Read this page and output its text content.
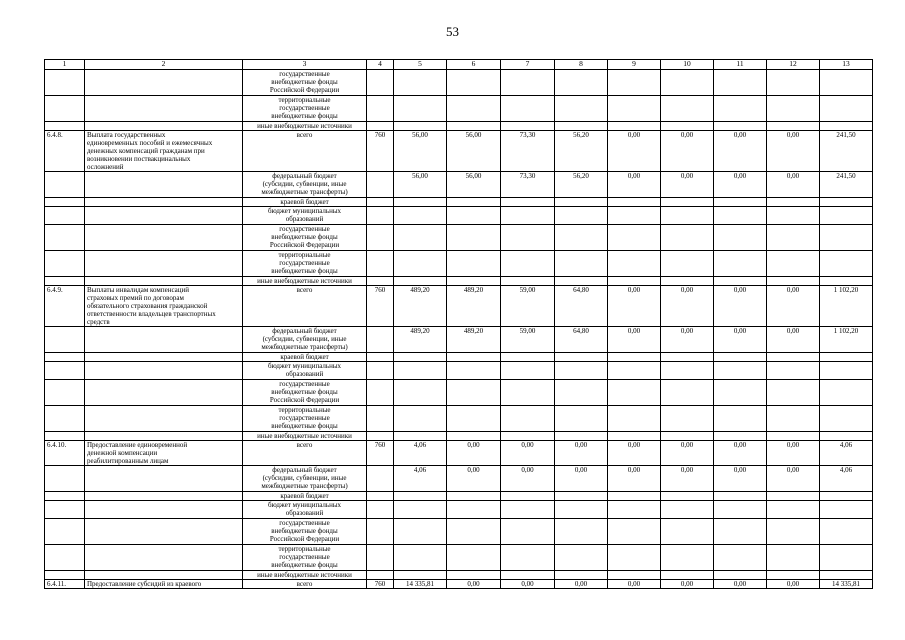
53
1	2	3	4	5	6	7	8	9	10	11	12	13
		государственные
внебюджетные фонды
Российской Федерации										
		территориальные
государственные
внебюджетные фонды										
		иные внебюджетные источники										
6.4.8.	Выплата государственных
единовременных пособий и ежемесячных
денежных компенсаций гражданам при
возникновении поствакцинальных
осложнений	всего	760	56,00	56,00	73,30	56,20	0,00	0,00	0,00	0,00	241,50
		федеральный бюджет
(субсидии, субвенции, иные
межбюджетные трансферты)		56,00	56,00	73,30	56,20	0,00	0,00	0,00	0,00	241,50
		краевой бюджет										
		бюджет муниципальных
образований										
		государственные
внебюджетные фонды
Российской Федерации										
		территориальные
государственные
внебюджетные фонды										
		иные внебюджетные источники										
6.4.9.	Выплаты инвалидам компенсаций
страховых премий по договорам
обязательного страхования гражданской
ответственности владельцев транспортных
средств	всего	760	489,20	489,20	59,00	64,80	0,00	0,00	0,00	0,00	1 102,20
		федеральный бюджет
(субсидии, субвенции, иные
межбюджетные трансферты)		489,20	489,20	59,00	64,80	0,00	0,00	0,00	0,00	1 102,20
		краевой бюджет										
		бюджет муниципальных
образований										
		государственные
внебюджетные фонды
Российской Федерации										
		территориальные
государственные
внебюджетные фонды										
		иные внебюджетные источники										
6.4.10.	Предоставление единовременной
денежной компенсации
реабилитированным лицам	всего	760	4,06	0,00	0,00	0,00	0,00	0,00	0,00	0,00	4,06
		федеральный бюджет
(субсидии, субвенции, иные
межбюджетные трансферты)		4,06	0,00	0,00	0,00	0,00	0,00	0,00	0,00	4,06
		краевой бюджет										
		бюджет муниципальных
образований										
		государственные
внебюджетные фонды
Российской Федерации										
		территориальные
государственные
внебюджетные фонды										
		иные внебюджетные источники										
6.4.11.	Предоставление субсидий из краевого	всего	760	14 335,81	0,00	0,00	0,00	0,00	0,00	0,00	0,00	14 335,81
